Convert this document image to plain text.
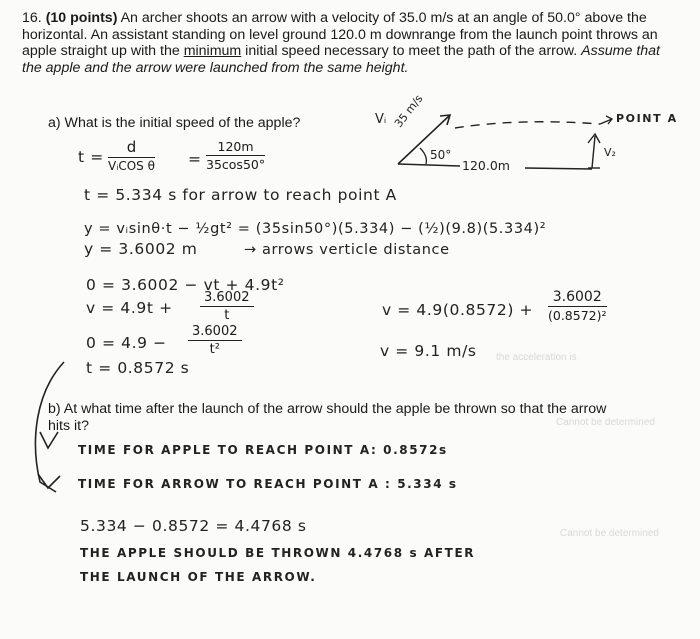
16. (10 points) An archer shoots an arrow with a velocity of 35.0 m/s at an angle of 50.0° above the horizontal. An assistant standing on level ground 120.0 m downrange from the launch point throws an apple straight up with the minimum initial speed necessary to meet the path of the arrow. Assume that the apple and the arrow were launched from the same height.
a) What is the initial speed of the apple?
the acceleration is
Cannot be determined
Cannot be determined
Vᵢ 35 m/s
50°
120.0m
POINT A
V₂
t =
d
VᵢCOS $\theta = \frac{120m}{35\cos 50^\circ}$
t = 5.334 s for arrow to reach point A
y = vᵢsinθ·t − ½gt² = (35sin50°)(5.334) − (½)(9.8)(5.334)²
y = 3.6002 m	→ arrows verticle distance
0 = 3.6002 − vt + 4.9t²
$v = 4.9t + \frac{3.6002}{t}$	$v = 4.9(0.8572) + \frac{3.6002}{\text{(0.8572)²}}$
$0 = 4.9 - \frac{3.6002}{\text{t²}}$	v = 9.1 m/s
t = 0.8572 s
b) At what time after the launch of the arrow should the apple be thrown so that the arrow hits it?
TIME FOR APPLE TO REACH POINT A: 0.8572s
TIME FOR ARROW TO REACH POINT A : 5.334 s
5.334 − 0.8572 = 4.4768 s
THE APPLE SHOULD BE THROWN 4.4768 s AFTER
THE LAUNCH OF THE ARROW.
